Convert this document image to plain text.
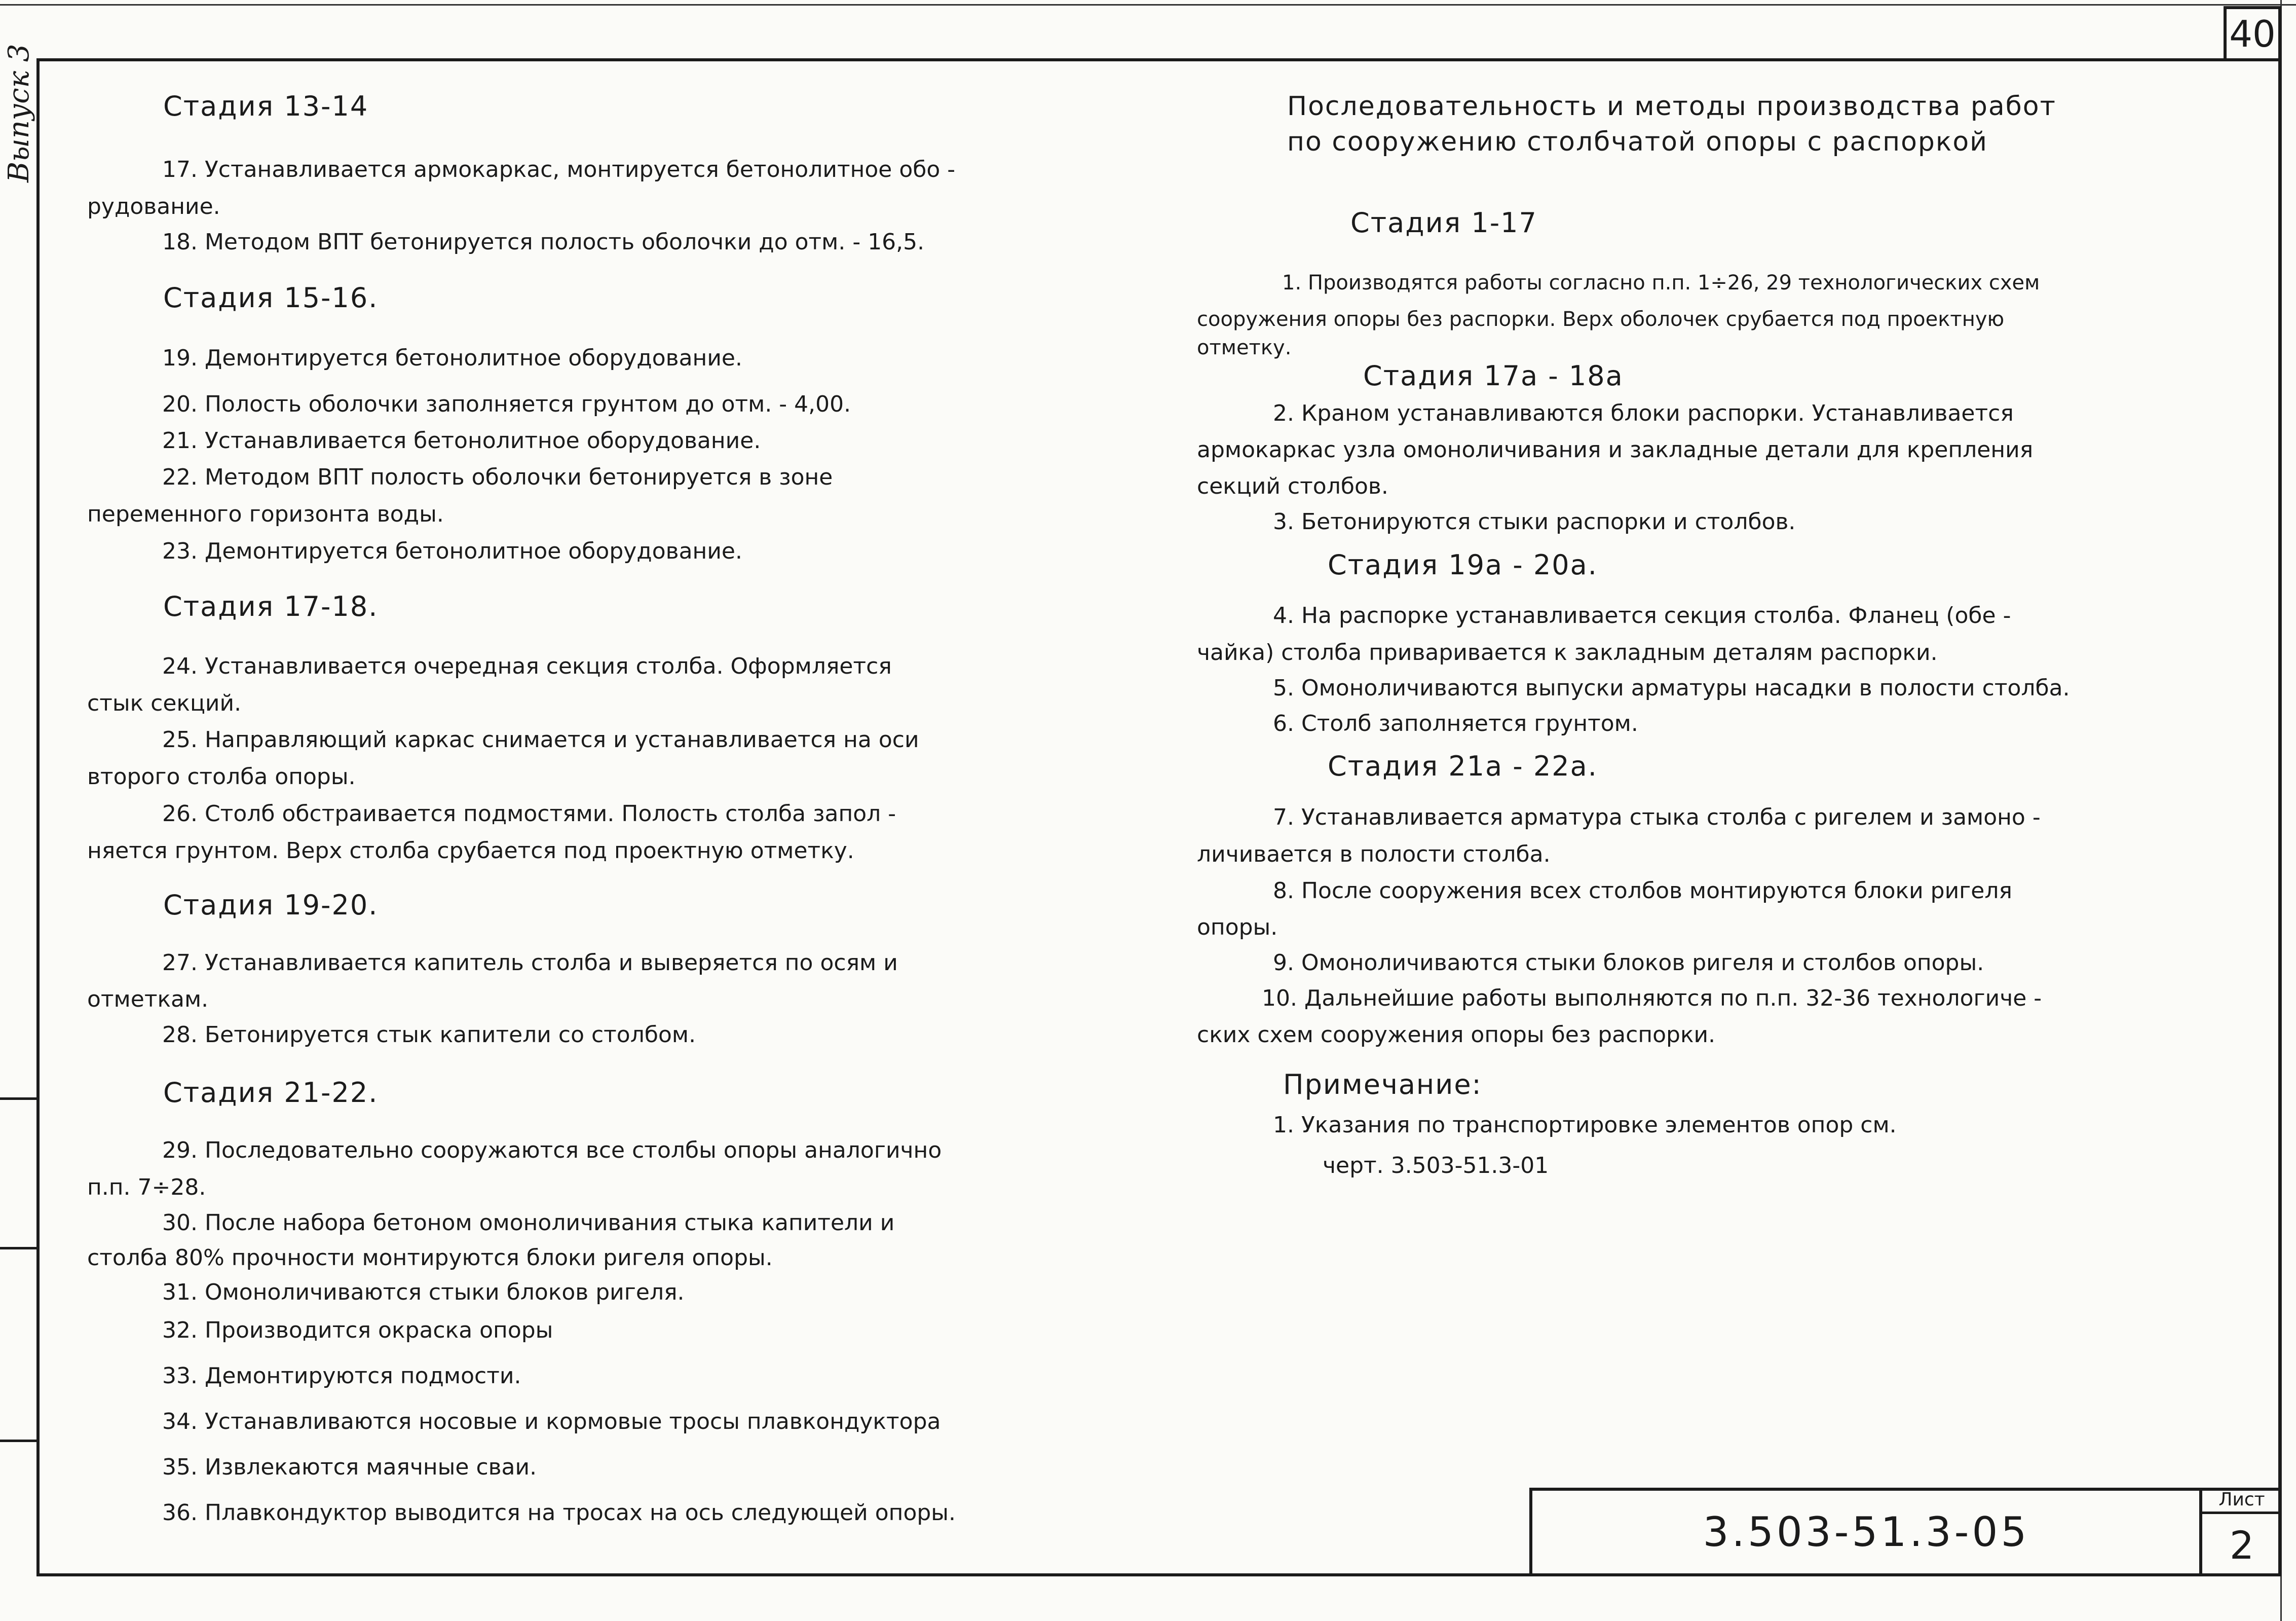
40
Выпуск 3	Стадия 13-14
17. Устанавливается армокаркас, монтируется бетонолитное обо -
рудование.
18. Методом ВПТ бетонируется полость оболочки до отм. - 16,5.
Стадия 15-16.
19. Демонтируется бетонолитное оборудование.
20. Полость оболочки заполняется грунтом до отм. - 4,00.
21. Устанавливается бетонолитное оборудование.
22. Методом ВПТ полость оболочки бетонируется в зоне
переменного горизонта воды.
23. Демонтируется бетонолитное оборудование.
Стадия 17-18.
24. Устанавливается очередная секция столба. Оформляется
стык секций.
25. Направляющий каркас снимается и устанавливается на оси
второго столба опоры.
26. Столб обстраивается подмостями. Полость столба запол -
няется грунтом. Верх столба срубается под проектную отметку.
Стадия 19-20.
27. Устанавливается капитель столба и выверяется по осям и
отметкам.
28. Бетонируется стык капители со столбом.
Стадия 21-22.
29. Последовательно сооружаются все столбы опоры аналогично
п.п. 7÷28.
30. После набора бетоном омоноличивания стыка капители и
столба 80% прочности монтируются блоки ригеля опоры.
31. Омоноличиваются стыки блоков ригеля.
32. Производится окраска опоры
33. Демонтируются подмости.
34. Устанавливаются носовые и кормовые тросы плавкондуктора
35. Извлекаются маячные сваи.
36. Плавкондуктор выводится на тросах на ось следующей опоры.
Последовательность и методы производства работ
по сооружению столбчатой опоры с распоркой
Стадия 1-17
1. Производятся работы согласно п.п. 1÷26, 29 технологических схем
сооружения опоры без распорки. Верх оболочек срубается под проектную
отметку.
Стадия 17а - 18а
2. Краном устанавливаются блоки распорки. Устанавливается
армокаркас узла омоноличивания и закладные детали для крепления
секций столбов.
3. Бетонируются стыки распорки и столбов.
Стадия 19а - 20а.
4. На распорке устанавливается секция столба. Фланец (обе -
чайка) столба приваривается к закладным деталям распорки.
5. Омоноличиваются выпуски арматуры насадки в полости столба.
6. Столб заполняется грунтом.
Стадия 21а - 22а.
7. Устанавливается арматура стыка столба с ригелем и замоно -
личивается в полости столба.
8. После сооружения всех столбов монтируются блоки ригеля
опоры.
9. Омоноличиваются стыки блоков ригеля и столбов опоры.
10. Дальнейшие работы выполняются по п.п. 32-36 технологиче -
ских схем сооружения опоры без распорки.
Примечание:
1. Указания по транспортировке элементов опор см.
черт. 3.503-51.3-01
3.503-51.3-05
Лист
2
